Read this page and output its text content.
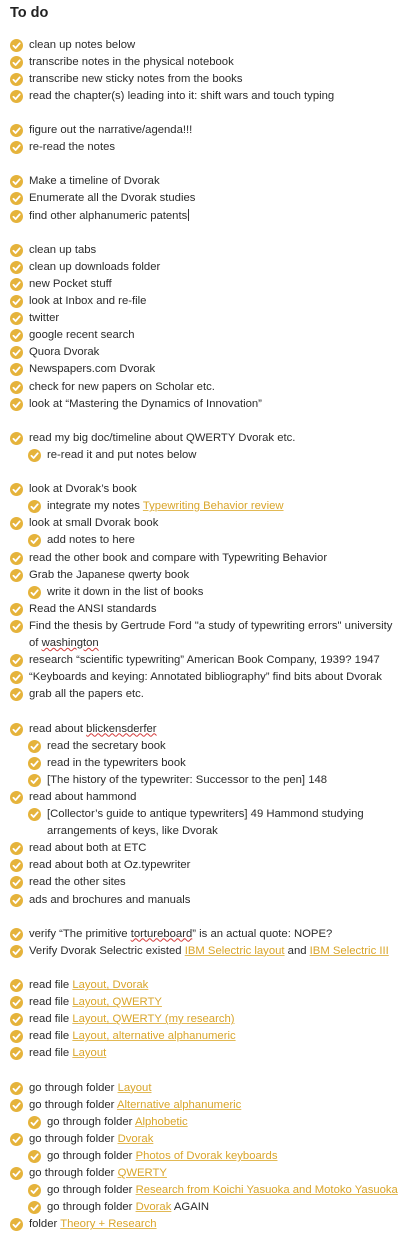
To do
clean up notes below
transcribe notes in the physical notebook
transcribe new sticky notes from the books
read the chapter(s) leading into it: shift wars and touch typing
figure out the narrative/agenda!!!
re-read the notes
Make a timeline of Dvorak
Enumerate all the Dvorak studies
find other alphanumeric patents
clean up tabs
clean up downloads folder
new Pocket stuff
look at Inbox and re-file
twitter
google recent search
Quora Dvorak
Newspapers.com Dvorak
check for new papers on Scholar etc.
look at “Mastering the Dynamics of Innovation”
read my big doc/timeline about QWERTY Dvorak etc.
re-read it and put notes below
look at Dvorak’s book
integrate my notes Typewriting Behavior review
look at small Dvorak book
add notes to here
read the other book and compare with Typewriting Behavior
Grab the Japanese qwerty book
write it down in the list of books
Read the ANSI standards
Find the thesis by Gertrude Ford "a study of typewriting errors" university of washington
research “scientific typewriting” American Book Company, 1939? 1947
“Keyboards and keying: Annotated bibliography” find bits about Dvorak
grab all the papers etc.
read about blickensderfer
read the secretary book
read in the typewriters book
[The history of the typewriter: Successor to the pen] 148
read about hammond
[Collector’s guide to antique typewriters] 49 Hammond studying arrangements of keys, like Dvorak
read about both at ETC
read about both at Oz.typewriter
read the other sites
ads and brochures and manuals
verify “The primitive tortureboard” is an actual quote: NOPE?
Verify Dvorak Selectric existed IBM Selectric layout and IBM Selectric III
read file Layout, Dvorak
read file Layout, QWERTY
read file Layout, QWERTY (my research)
read file Layout, alternative alphanumeric
read file Layout
go through folder Layout
go through folder Alternative alphanumeric
go through folder Alphobetic
go through folder Dvorak
go through folder Photos of Dvorak keyboards
go through folder QWERTY
go through folder Research from Koichi Yasuoka and Motoko Yasuoka
go through folder Dvorak AGAIN
folder Theory + Research
